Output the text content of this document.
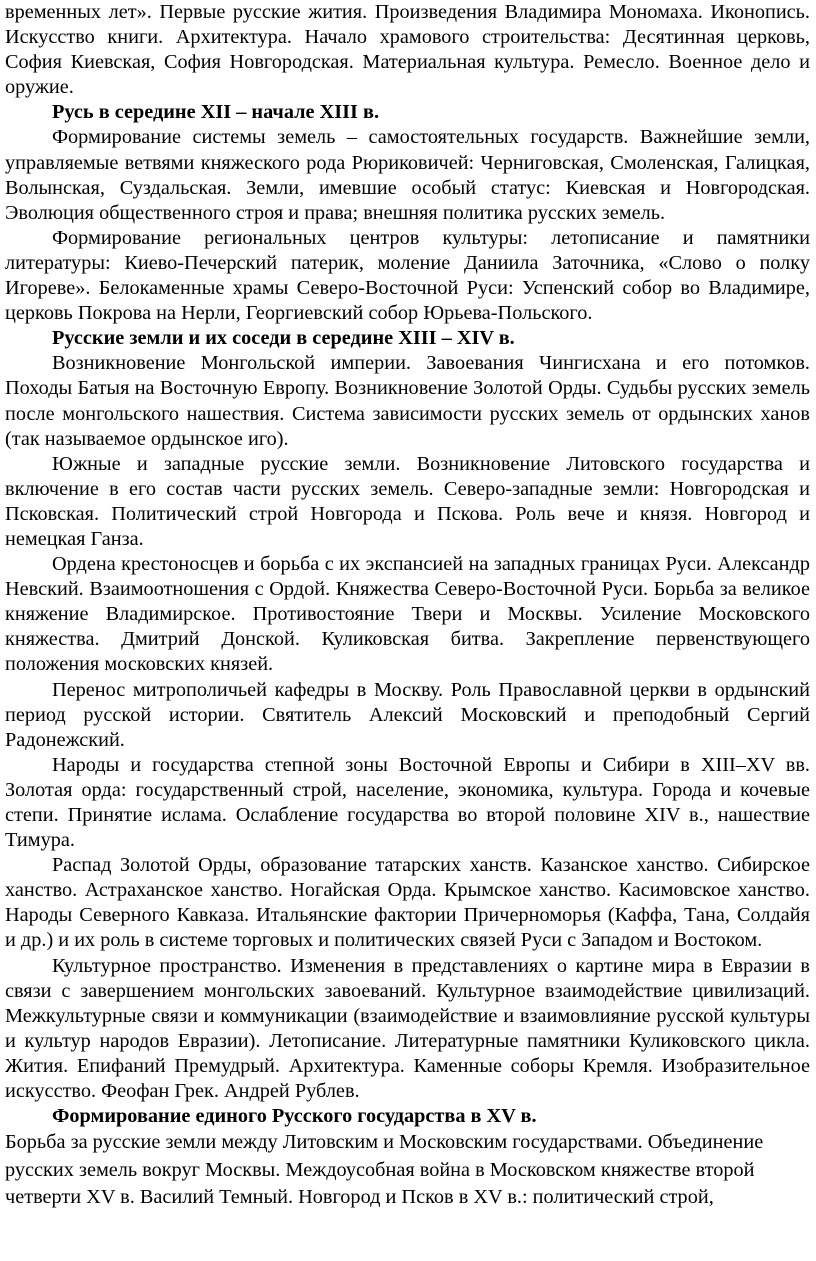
временных лет». Первые русские жития. Произведения Владимира Мономаха. Иконопись. Искусство книги. Архитектура. Начало храмового строительства: Десятинная церковь, София Киевская, София Новгородская. Материальная культура. Ремесло. Военное дело и оружие.

Русь в середине XII – начале XIII в.

Формирование системы земель – самостоятельных государств. Важнейшие земли, управляемые ветвями княжеского рода Рюриковичей: Черниговская, Смоленская, Галицкая, Волынская, Суздальская. Земли, имевшие особый статус: Киевская и Новгородская. Эволюция общественного строя и права; внешняя политика русских земель.

Формирование региональных центров культуры: летописание и памятники литературы: Киево-Печерский патерик, моление Даниила Заточника, «Слово о полку Игореве». Белокаменные храмы Северо-Восточной Руси: Успенский собор во Владимире, церковь Покрова на Нерли, Георгиевский собор Юрьева-Польского.

Русские земли и их соседи в середине XIII – XIV в.

Возникновение Монгольской империи. Завоевания Чингисхана и его потомков. Походы Батыя на Восточную Европу. Возникновение Золотой Орды. Судьбы русских земель после монгольского нашествия. Система зависимости русских земель от ордынских ханов (так называемое ордынское иго).

Южные и западные русские земли. Возникновение Литовского государства и включение в его состав части русских земель. Северо-западные земли: Новгородская и Псковская. Политический строй Новгорода и Пскова. Роль вече и князя. Новгород и немецкая Ганза.

Ордена крестоносцев и борьба с их экспансией на западных границах Руси. Александр Невский. Взаимоотношения с Ордой. Княжества Северо-Восточной Руси. Борьба за великое княжение Владимирское. Противостояние Твери и Москвы. Усиление Московского княжества. Дмитрий Донской. Куликовская битва. Закрепление первенствующего положения московских князей.

Перенос митрополичьей кафедры в Москву. Роль Православной церкви в ордынский период русской истории. Святитель Алексий Московский и преподобный Сергий Радонежский.

Народы и государства степной зоны Восточной Европы и Сибири в XIII–XV вв. Золотая орда: государственный строй, население, экономика, культура. Города и кочевые степи. Принятие ислама. Ослабление государства во второй половине XIV в., нашествие Тимура.

Распад Золотой Орды, образование татарских ханств. Казанское ханство. Сибирское ханство. Астраханское ханство. Ногайская Орда. Крымское ханство. Касимовское ханство. Народы Северного Кавказа. Итальянские фактории Причерноморья (Каффа, Тана, Солдайя и др.) и их роль в системе торговых и политических связей Руси с Западом и Востоком.

Культурное пространство. Изменения в представлениях о картине мира в Евразии в связи с завершением монгольских завоеваний. Культурное взаимодействие цивилизаций. Межкультурные связи и коммуникации (взаимодействие и взаимовлияние русской культуры и культур народов Евразии). Летописание. Литературные памятники Куликовского цикла. Жития. Епифаний Премудрый. Архитектура. Каменные соборы Кремля. Изобразительное искусство. Феофан Грек. Андрей Рублев.

Формирование единого Русского государства в XV в.

Борьба за русские земли между Литовским и Московским государствами. Объединение

русских земель вокруг Москвы. Междоусобная война в Московском княжестве второй

четверти XV в. Василий Темный. Новгород и Псков в XV в.: политический строй,
